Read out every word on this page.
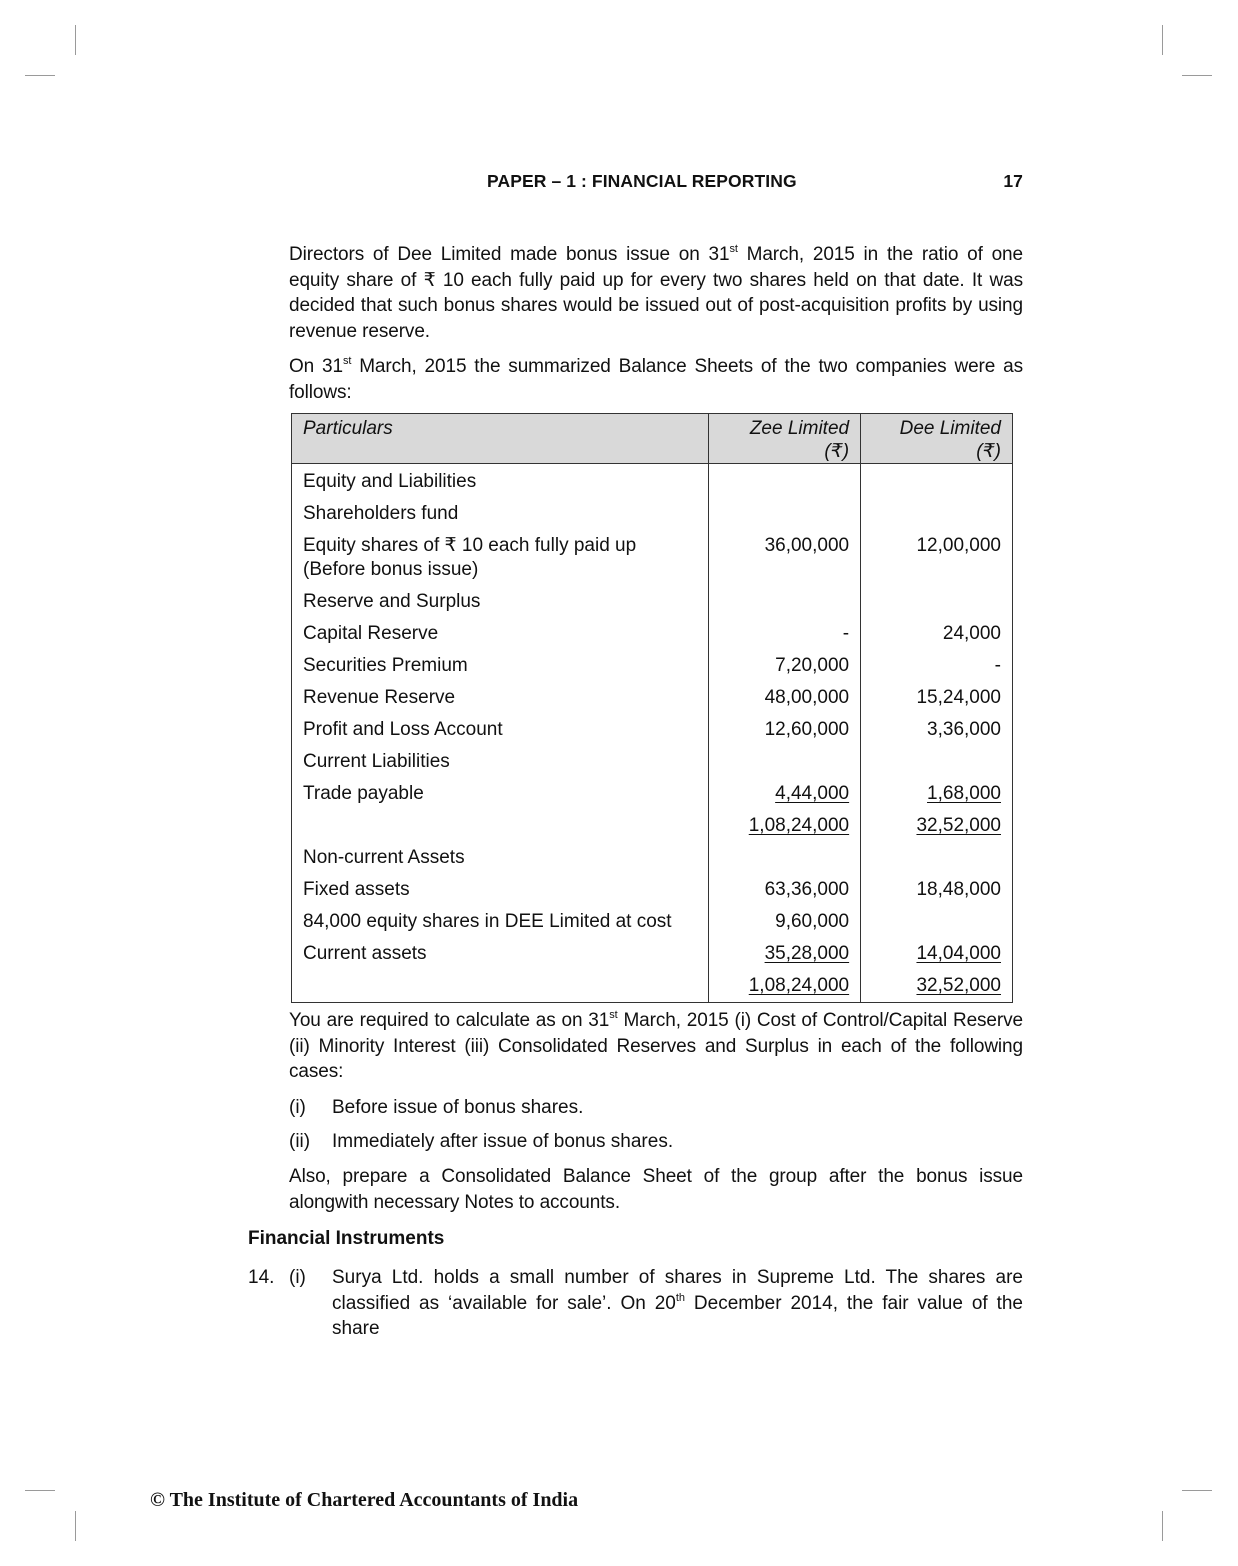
PAPER – 1 : FINANCIAL REPORTING	17
Directors of Dee Limited made bonus issue on 31st March, 2015 in the ratio of one equity share of ₹ 10 each fully paid up for every two shares held on that date. It was decided that such bonus shares would be issued out of post-acquisition profits by using revenue reserve.
On 31st March, 2015 the summarized Balance Sheets of the two companies were as follows:
Particulars	Zee Limited (₹)	Dee Limited (₹)
Equity and Liabilities		
Shareholders fund		
Equity shares of ₹ 10 each fully paid up (Before bonus issue)	36,00,000	12,00,000
Reserve and Surplus		
Capital Reserve	-	24,000
Securities Premium	7,20,000	-
Revenue Reserve	48,00,000	15,24,000
Profit and Loss Account	12,60,000	3,36,000
Current Liabilities		
Trade payable	4,44,000	1,68,000
	1,08,24,000	32,52,000
Non-current Assets		
Fixed assets	63,36,000	18,48,000
84,000 equity shares in DEE Limited at cost	9,60,000	
Current assets	35,28,000	14,04,000
	1,08,24,000	32,52,000
You are required to calculate as on 31st March, 2015 (i) Cost of Control/Capital Reserve (ii) Minority Interest (iii) Consolidated Reserves and Surplus in each of the following cases:
(i) Before issue of bonus shares.
(ii) Immediately after issue of bonus shares.
Also, prepare a Consolidated Balance Sheet of the group after the bonus issue alongwith necessary Notes to accounts.
Financial Instruments
14. (i) Surya Ltd. holds a small number of shares in Supreme Ltd. The shares are classified as ‘available for sale’. On 20th December 2014, the fair value of the share
© The Institute of Chartered Accountants of India
